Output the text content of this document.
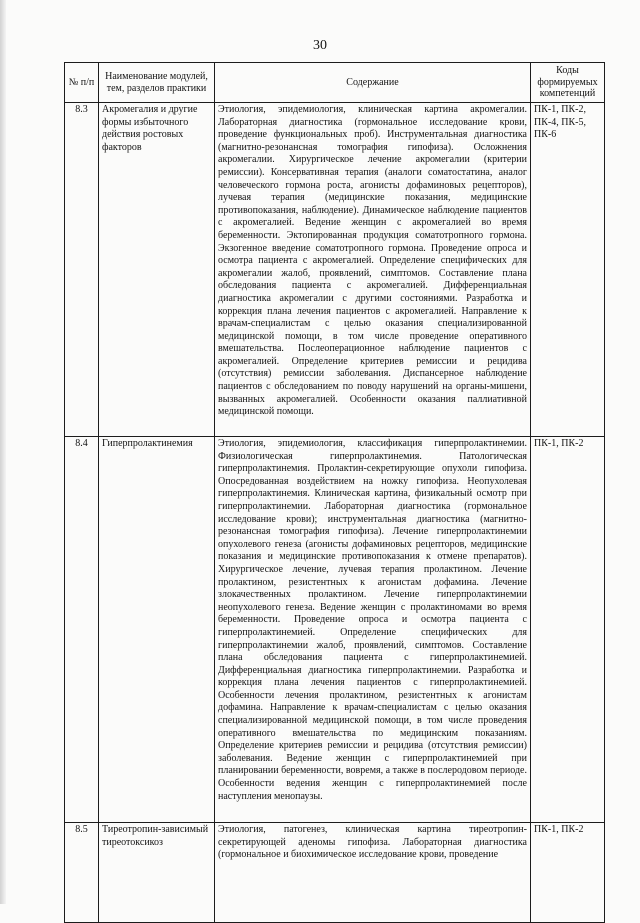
30
№ п/п	Наименование модулей, тем, разделов практики	Содержание	Коды формируемых компетенций
8.3	Акромегалия и другие формы избыточного действия ростовых факторов	Этиология, эпидемиология, клиническая картина акромегалии. Лабораторная диагностика (гормональное исследование крови, проведение функциональных проб). Инструментальная диагностика (магнитно-резонансная томография гипофиза). Осложнения акромегалии. Хирургическое лечение акромегалии (критерии ремиссии). Консервативная терапия (аналоги соматостатина, аналог человеческого гормона роста, агонисты дофаминовых рецепторов), лучевая терапия (медицинские показания, медицинские противопоказания, наблюдение). Динамическое наблюдение пациентов с акромегалией. Ведение женщин с акромегалией во время беременности. Эктопированная продукция соматотропного гормона. Экзогенное введение соматотропного гормона. Проведение опроса и осмотра пациента с акромегалией. Определение специфических для акромегалии жалоб, проявлений, симптомов. Составление плана обследования пациента с акромегалией. Дифференциальная диагностика акромегалии с другими состояниями. Разработка и коррекция плана лечения пациентов с акромегалией. Направление к врачам-специалистам с целью оказания специализированной медицинской помощи, в том числе проведение оперативного вмешательства. Послеоперационное наблюдение пациентов с акромегалией. Определение критериев ремиссии и рецидива (отсутствия) ремиссии заболевания. Диспансерное наблюдение пациентов с обследованием по поводу нарушений на органы-мишени, вызванных акромегалией. Особенности оказания паллиативной медицинской помощи.	ПК-1, ПК-2, ПК-4, ПК-5, ПК-6
8.4	Гиперпролактинемия	Этиология, эпидемиология, классификация гиперпролактинемии. Физиологическая гиперпролактинемия. Патологическая гиперпролактинемия. Пролактин-секретирующие опухоли гипофиза. Опосредованная воздействием на ножку гипофиза. Неопухолевая гиперпролактинемия. Клиническая картина, физикальный осмотр при гиперпролактинемии. Лабораторная диагностика (гормональное исследование крови); инструментальная диагностика (магнитно-резонансная томография гипофиза). Лечение гиперпролактинемии опухолевого генеза (агонисты дофаминовых рецепторов, медицинские показания и медицинские противопоказания к отмене препаратов). Хирургическое лечение, лучевая терапия пролактином. Лечение пролактином, резистентных к агонистам дофамина. Лечение злокачественных пролактином. Лечение гиперпролактинемии неопухолевого генеза. Ведение женщин с пролактиномами во время беременности. Проведение опроса и осмотра пациента с гиперпролактинемией. Определение специфических для гиперпролактинемии жалоб, проявлений, симптомов. Составление плана обследования пациента с гиперпролактинемией. Дифференциальная диагностика гиперпролактинемии. Разработка и коррекция плана лечения пациентов с гиперпролактинемией. Особенности лечения пролактином, резистентных к агонистам дофамина. Направление к врачам-специалистам с целью оказания специализированной медицинской помощи, в том числе проведения оперативного вмешательства по медицинским показаниям. Определение критериев ремиссии и рецидива (отсутствия ремиссии) заболевания. Ведение женщин с гиперпролактинемией при планировании беременности, вовремя, а также в послеродовом периоде. Особенности ведения женщин с гиперпролактинемией после наступления менопаузы.	ПК-1, ПК-2
8.5	Тиреотропин-зависимый тиреотоксикоз	Этиология, патогенез, клиническая картина тиреотропин-секретирующей аденомы гипофиза. Лабораторная диагностика (гормональное и биохимическое исследование крови, проведение	ПК-1, ПК-2
